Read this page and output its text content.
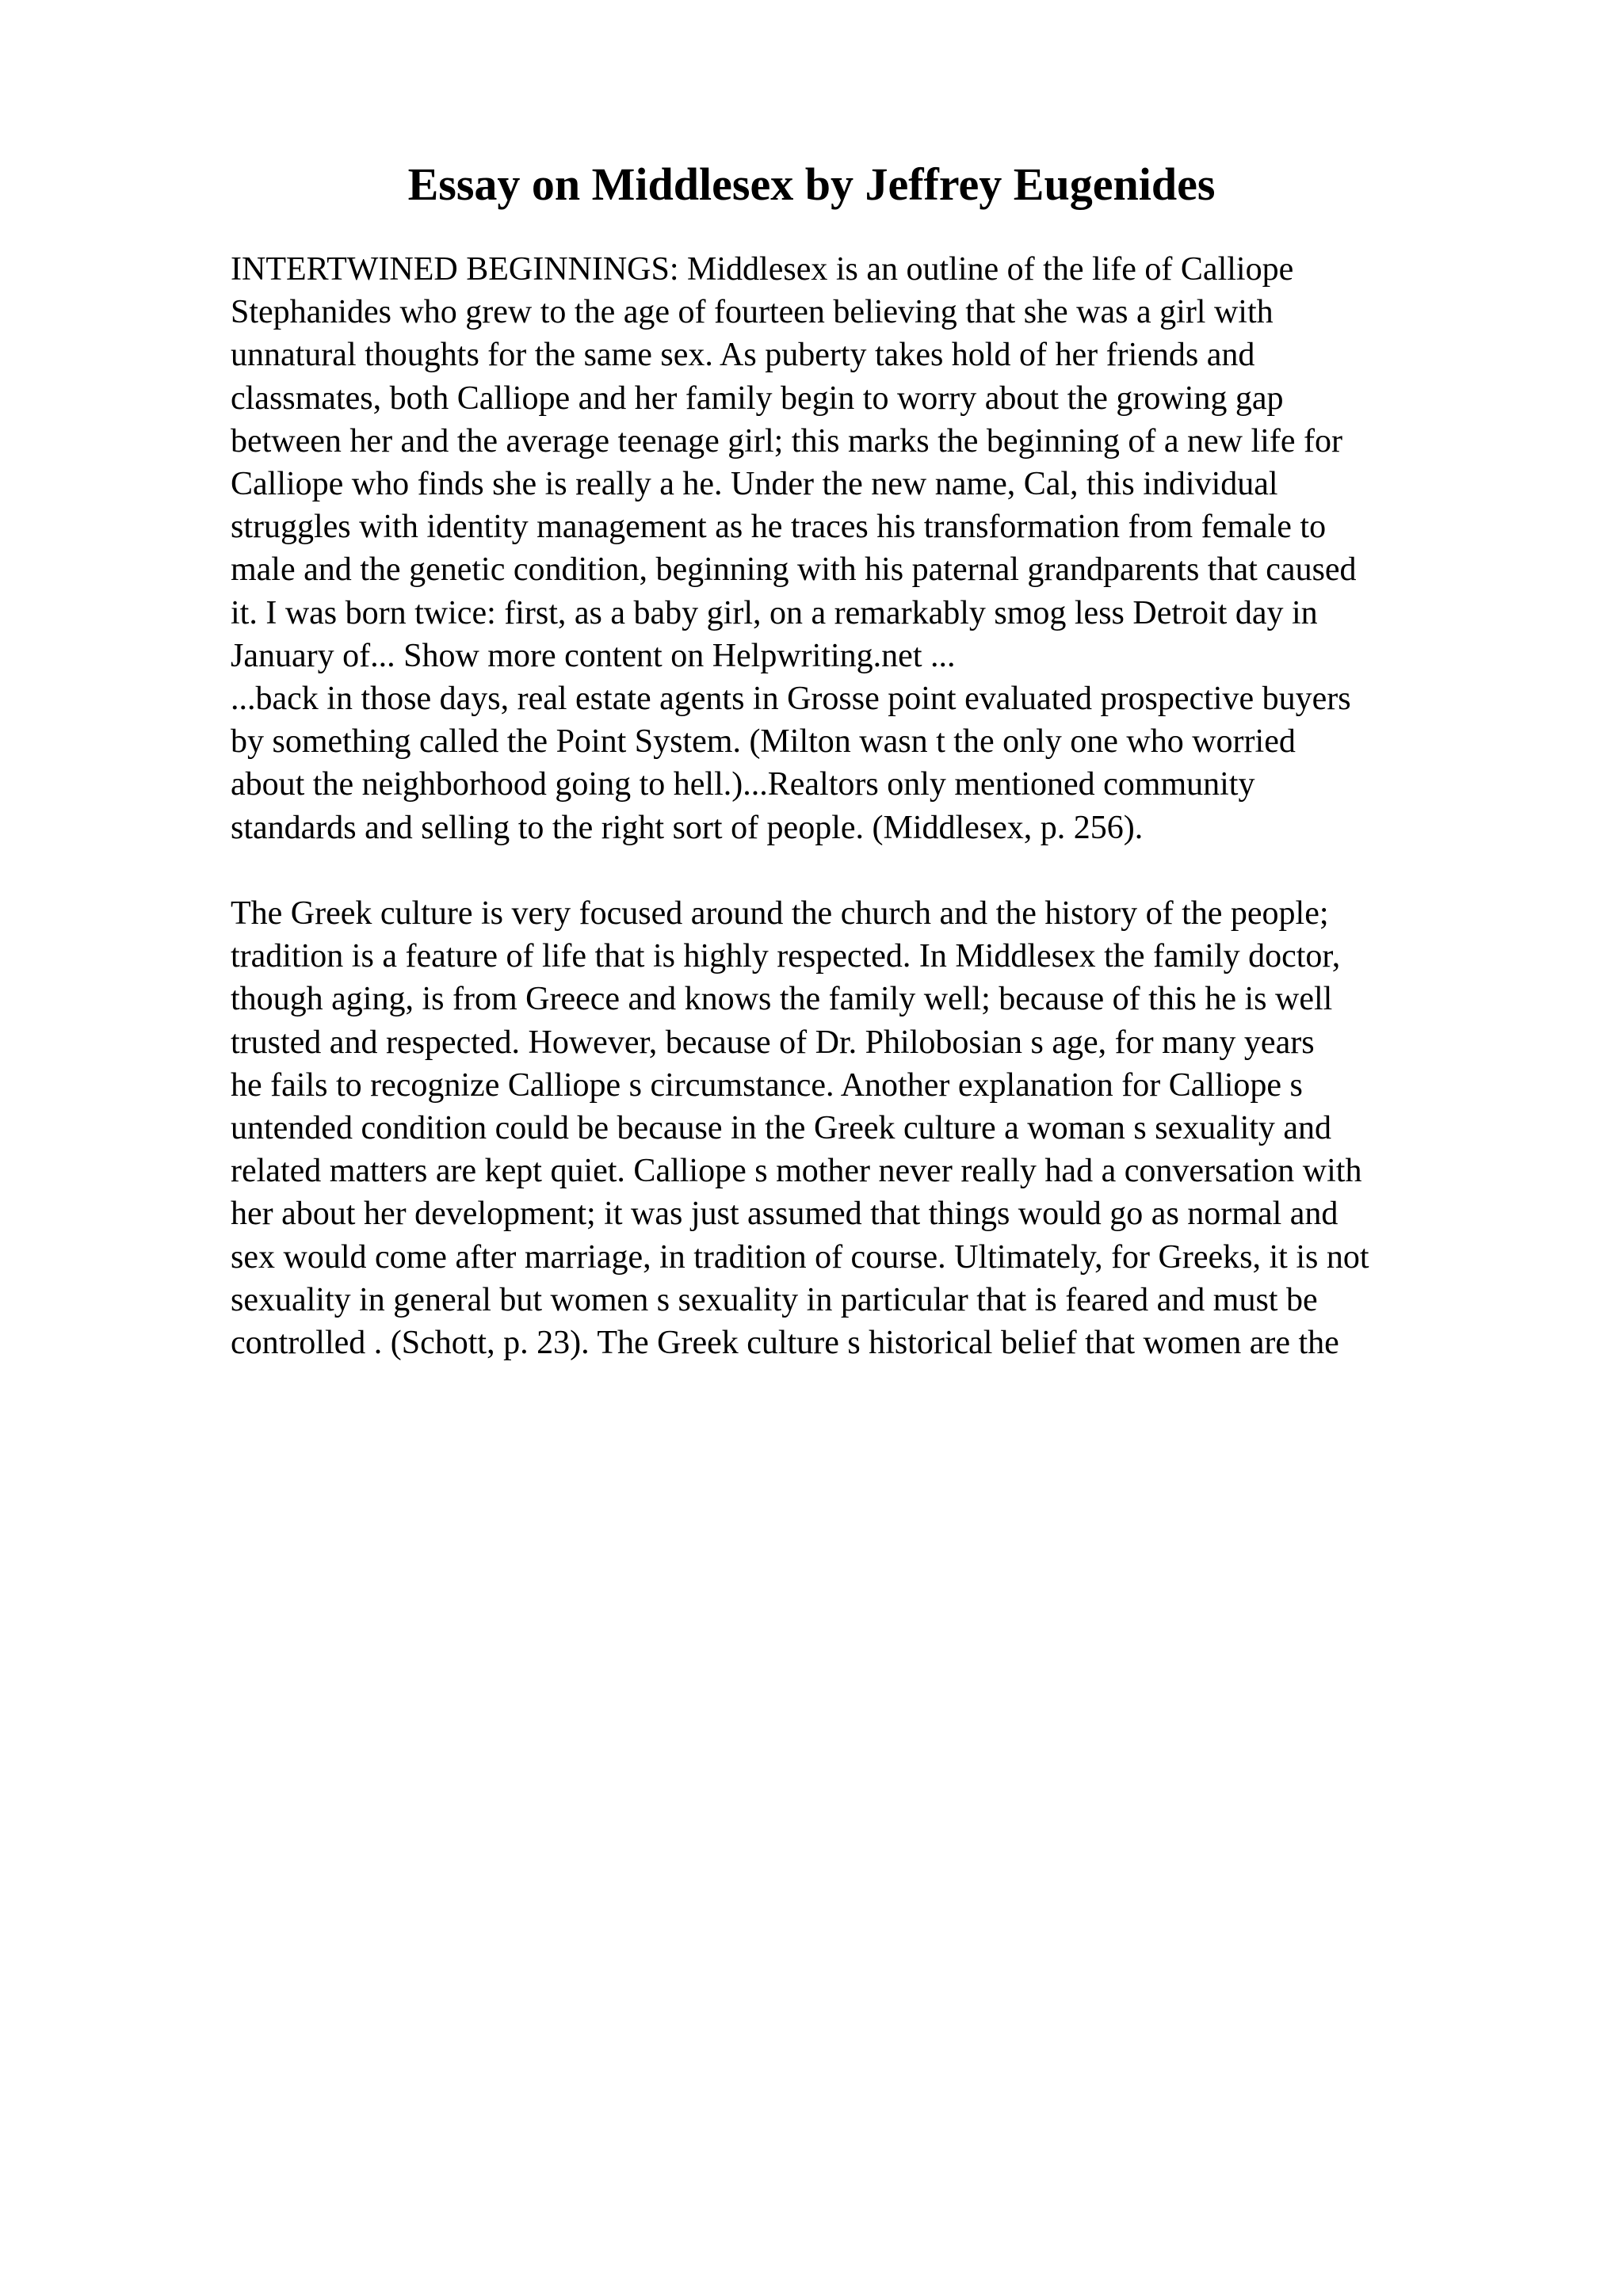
Essay on Middlesex by Jeffrey Eugenides
INTERTWINED BEGINNINGS: Middlesex is an outline of the life of Calliope
Stephanides who grew to the age of fourteen believing that she was a girl with
unnatural thoughts for the same sex. As puberty takes hold of her friends and
classmates, both Calliope and her family begin to worry about the growing gap
between her and the average teenage girl; this marks the beginning of a new life for
Calliope who finds she is really a he. Under the new name, Cal, this individual
struggles with identity management as he traces his transformation from female to
male and the genetic condition, beginning with his paternal grandparents that caused
it. I was born twice: first, as a baby girl, on a remarkably smog less Detroit day in
January of... Show more content on Helpwriting.net ...
...back in those days, real estate agents in Grosse point evaluated prospective buyers
by something called the Point System. (Milton wasn t the only one who worried
about the neighborhood going to hell.)...Realtors only mentioned community
standards and selling to the right sort of people. (Middlesex, p. 256).
The Greek culture is very focused around the church and the history of the people;
tradition is a feature of life that is highly respected. In Middlesex the family doctor,
though aging, is from Greece and knows the family well; because of this he is well
trusted and respected. However, because of Dr. Philobosian s age, for many years
he fails to recognize Calliope s circumstance. Another explanation for Calliope s
untended condition could be because in the Greek culture a woman s sexuality and
related matters are kept quiet. Calliope s mother never really had a conversation with
her about her development; it was just assumed that things would go as normal and
sex would come after marriage, in tradition of course. Ultimately, for Greeks, it is not
sexuality in general but women s sexuality in particular that is feared and must be
controlled . (Schott, p. 23). The Greek culture s historical belief that women are the
